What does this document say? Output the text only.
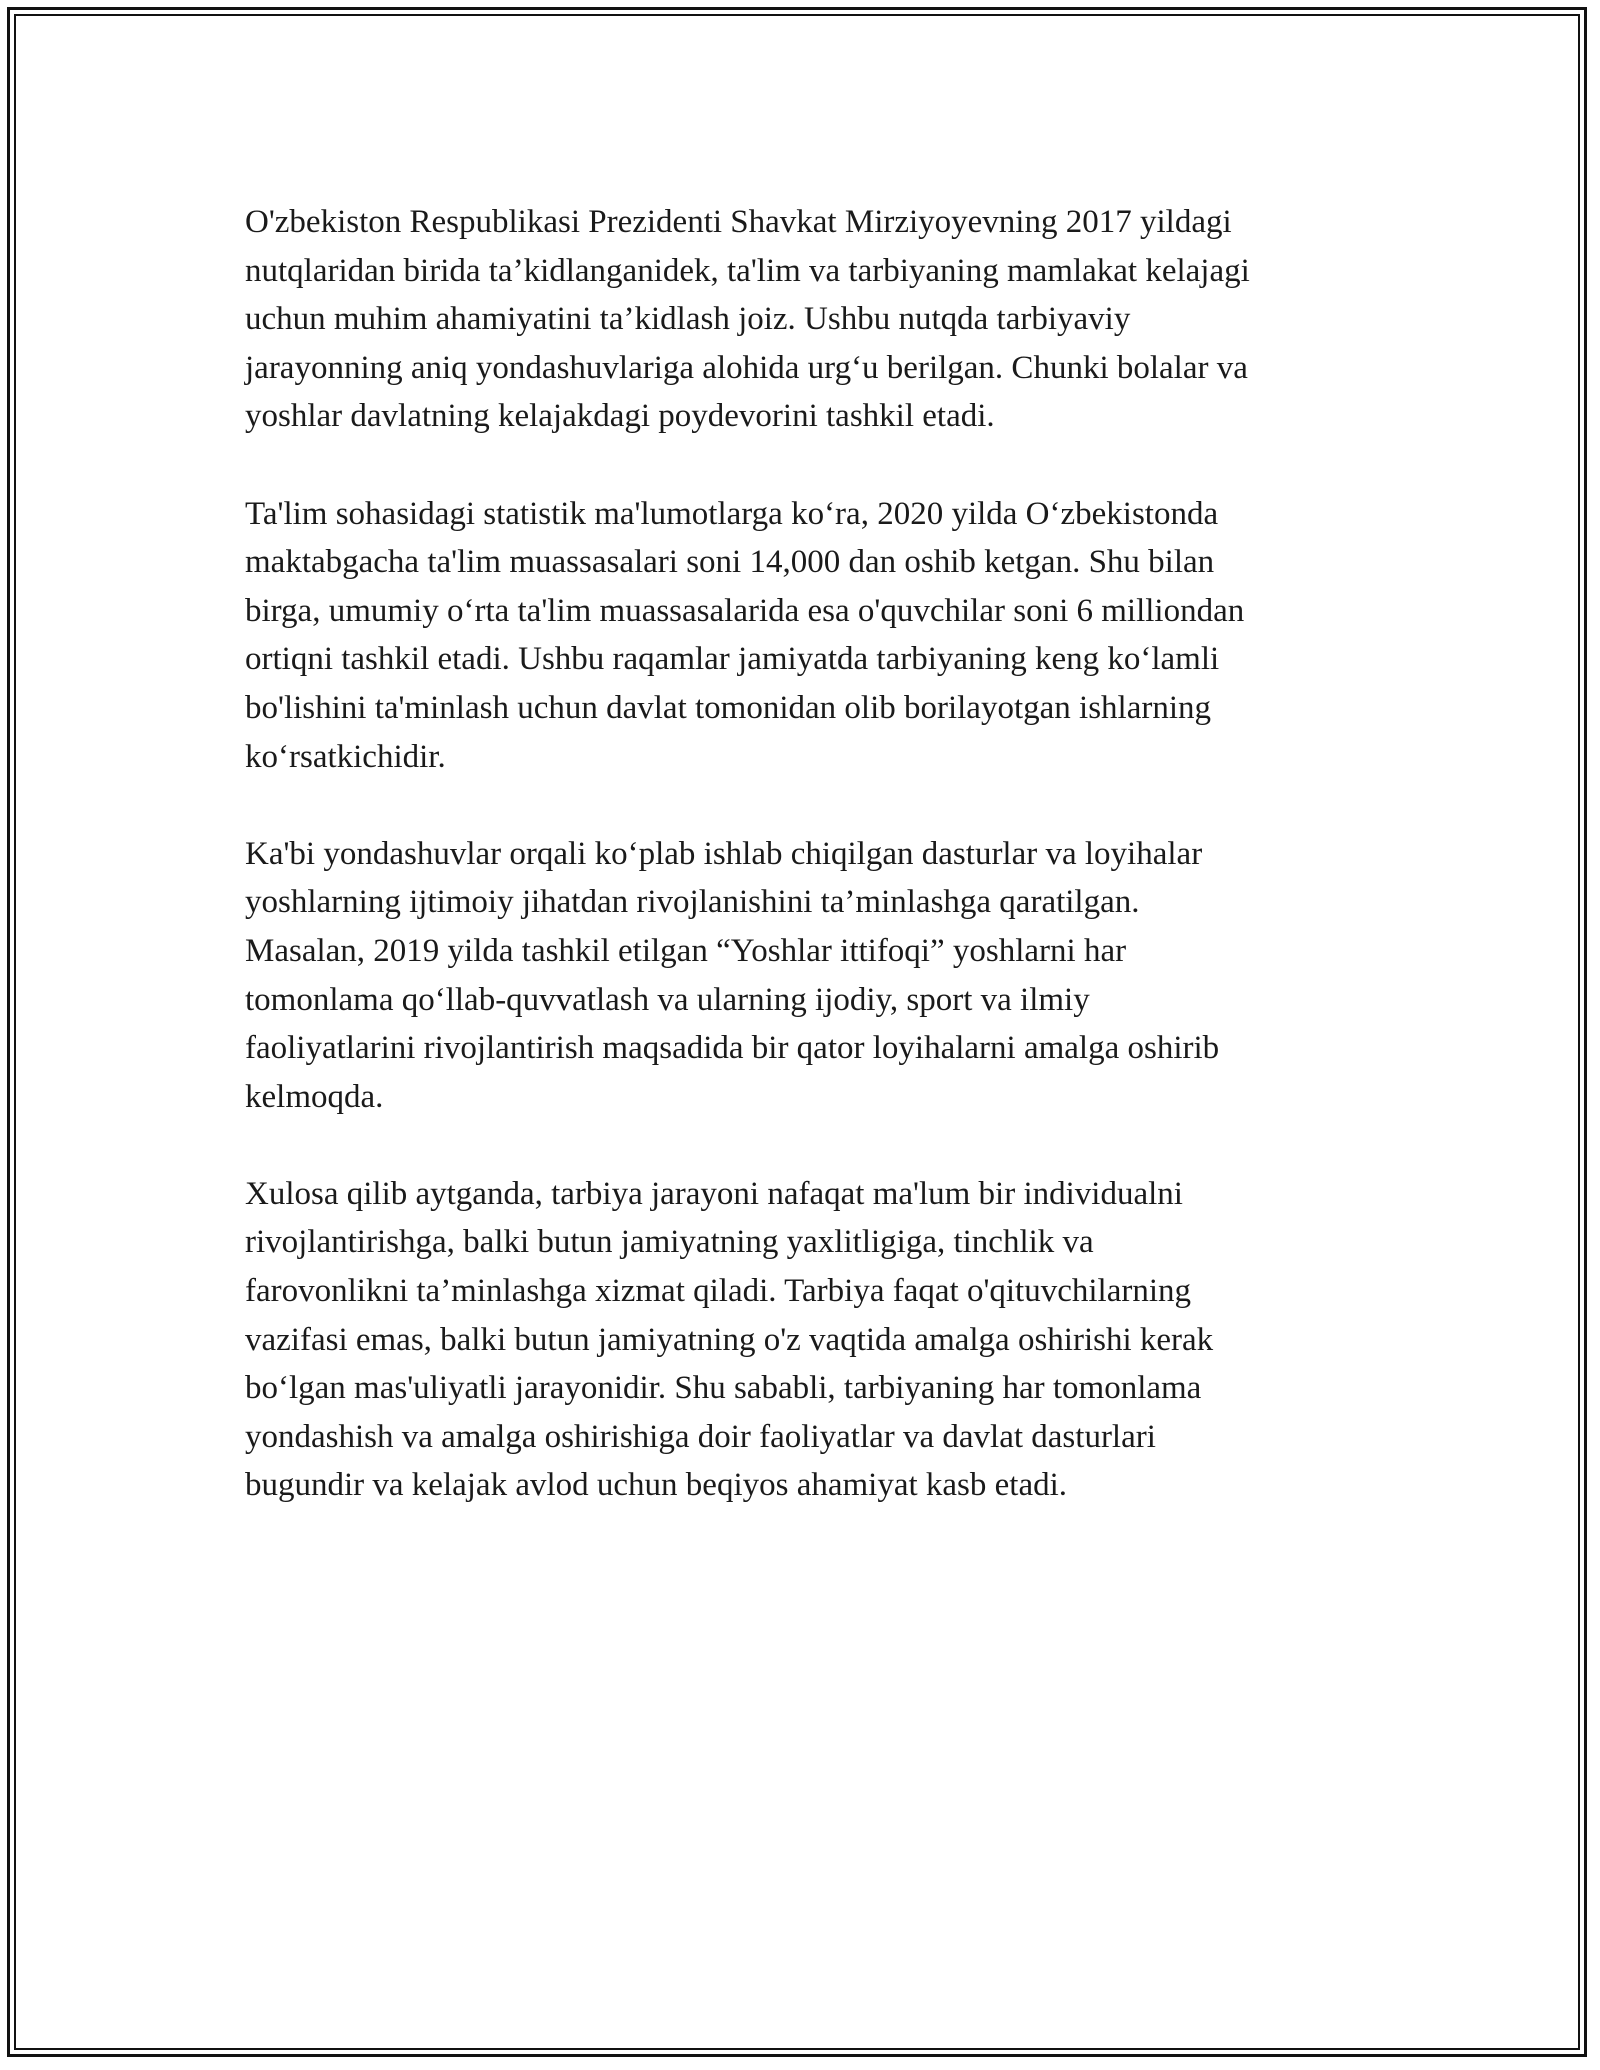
O'zbekiston Respublikasi Prezidenti Shavkat Mirziyoyevning 2017 yildagi
nutqlaridan birida ta’kidlanganidek, ta'lim va tarbiyaning mamlakat kelajagi
uchun muhim ahamiyatini ta’kidlash joiz. Ushbu nutqda tarbiyaviy
jarayonning aniq yondashuvlariga alohida urg‘u berilgan. Chunki bolalar va
yoshlar davlatning kelajakdagi poydevorini tashkil etadi.

Ta'lim sohasidagi statistik ma'lumotlarga ko‘ra, 2020 yilda O‘zbekistonda
maktabgacha ta'lim muassasalari soni 14,000 dan oshib ketgan. Shu bilan
birga, umumiy o‘rta ta'lim muassasalarida esa o'quvchilar soni 6 milliondan
ortiqni tashkil etadi. Ushbu raqamlar jamiyatda tarbiyaning keng ko‘lamli
bo'lishini ta'minlash uchun davlat tomonidan olib borilayotgan ishlarning
ko‘rsatkichidir.

Ka'bi yondashuvlar orqali ko‘plab ishlab chiqilgan dasturlar va loyihalar
yoshlarning ijtimoiy jihatdan rivojlanishini ta’minlashga qaratilgan.
Masalan, 2019 yilda tashkil etilgan “Yoshlar ittifoqi” yoshlarni har
tomonlama qo‘llab-quvvatlash va ularning ijodiy, sport va ilmiy
faoliyatlarini rivojlantirish maqsadida bir qator loyihalarni amalga oshirib
kelmoqda.

Xulosa qilib aytganda, tarbiya jarayoni nafaqat ma'lum bir individualni
rivojlantirishga, balki butun jamiyatning yaxlitligiga, tinchlik va
farovonlikni ta’minlashga xizmat qiladi. Tarbiya faqat o'qituvchilarning
vazifasi emas, balki butun jamiyatning o'z vaqtida amalga oshirishi kerak
bo‘lgan mas'uliyatli jarayonidir. Shu sababli, tarbiyaning har tomonlama
yondashish va amalga oshirishiga doir faoliyatlar va davlat dasturlari
bugundir va kelajak avlod uchun beqiyos ahamiyat kasb etadi.
